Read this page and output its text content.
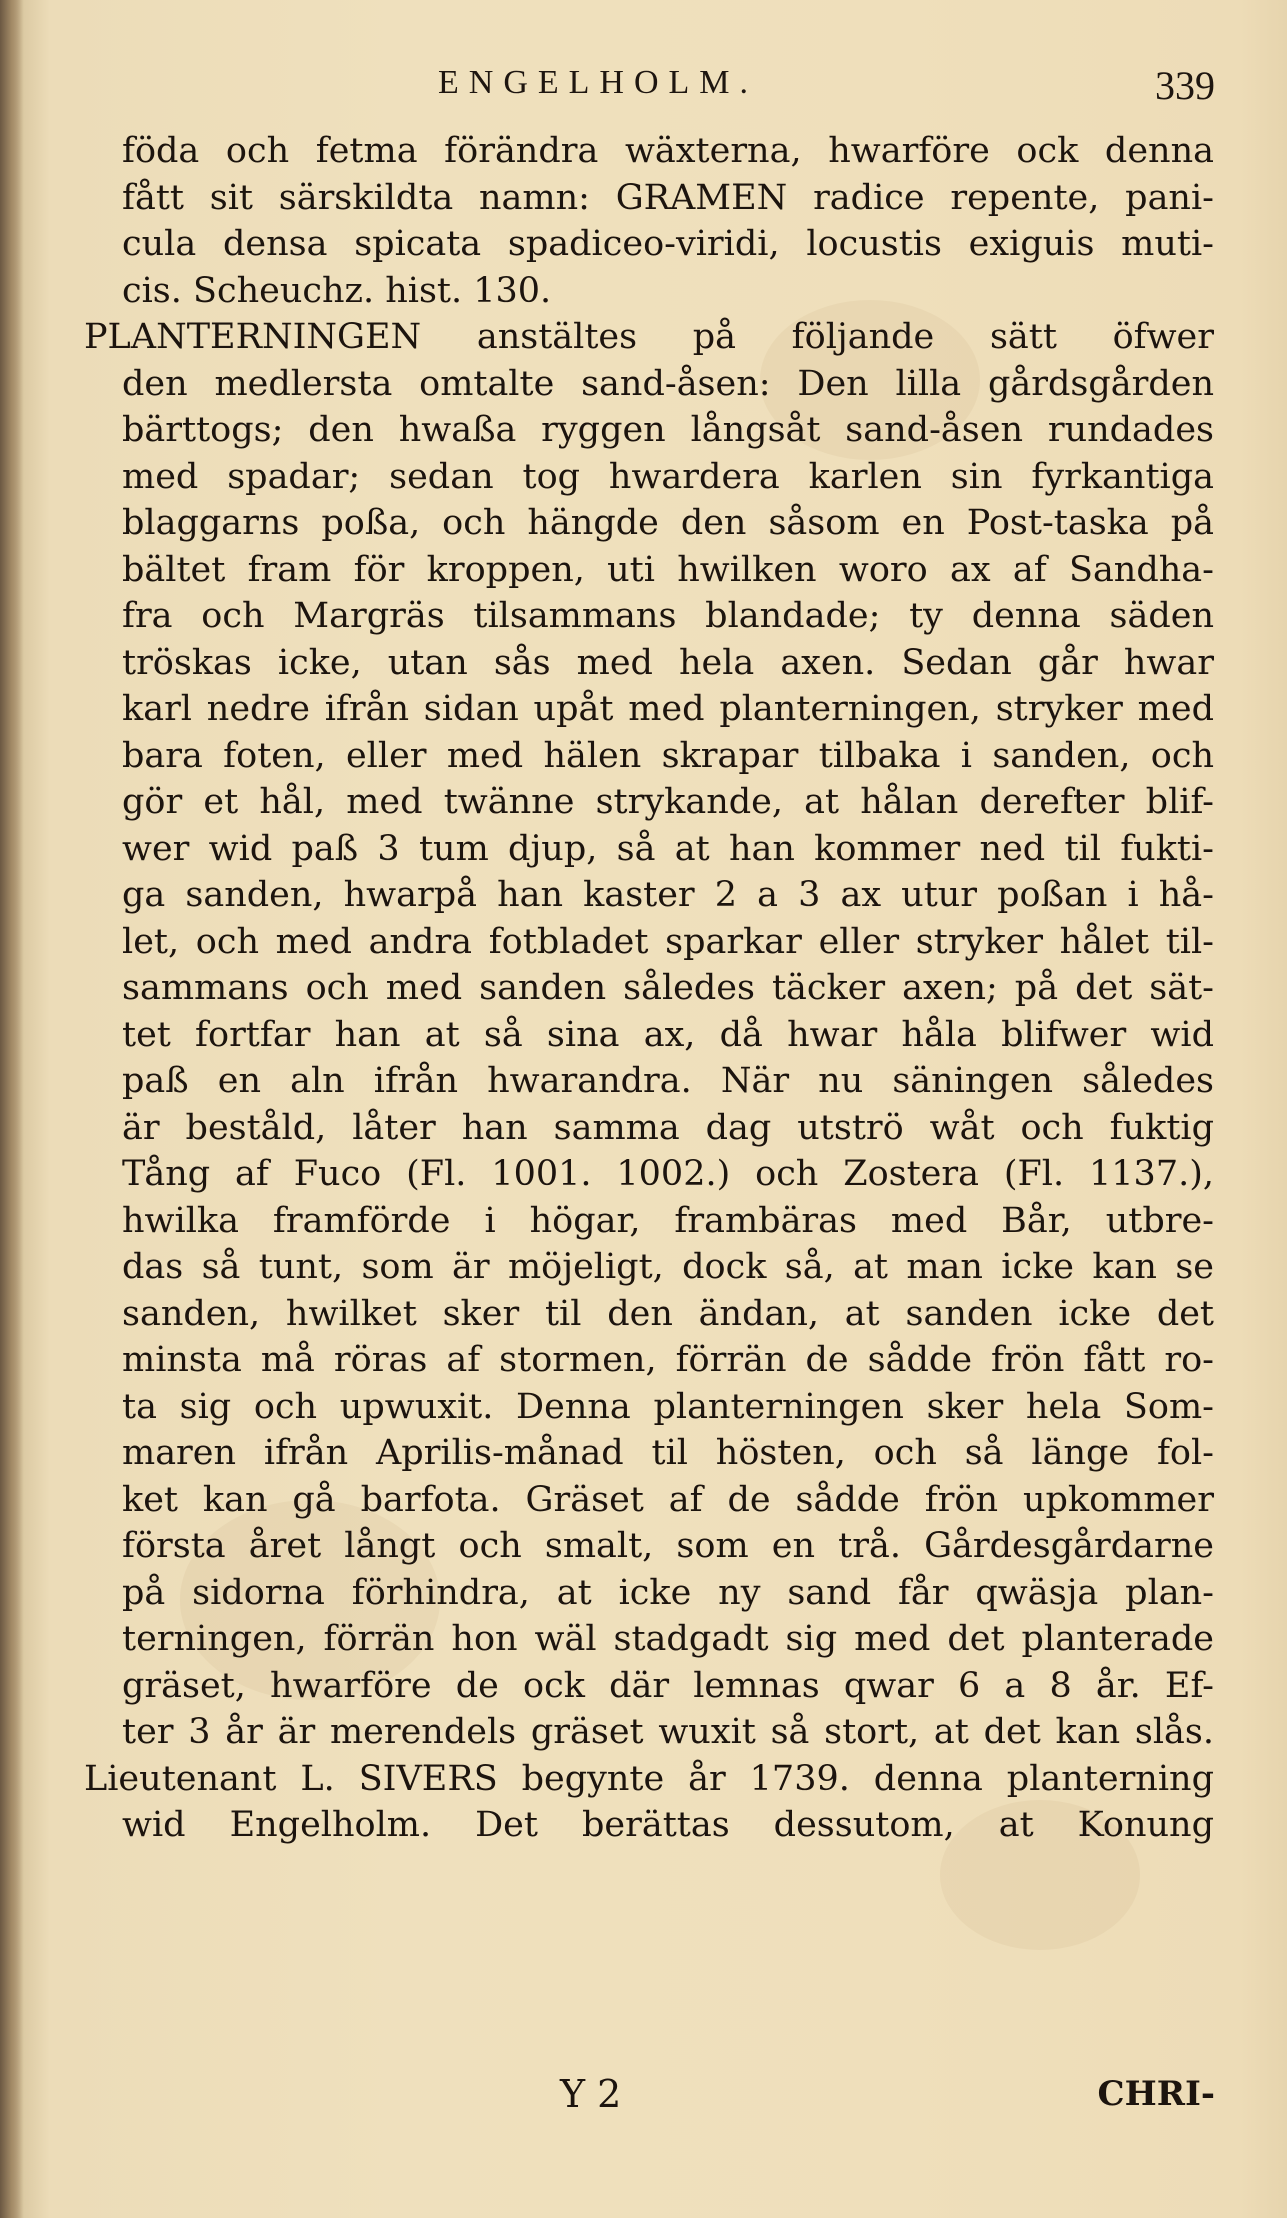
ENGELHOLM.	339
föda och fetma förändra wäxterna, hwarföre ock denna
fått sit särskildta namn: GRAMEN radice repente, pani-
cula densa spicata spadiceo-viridi, locustis exiguis muti-
cis. Scheuchz. hist. 130.
PLANTERNINGEN anstältes på följande sätt öfwer
den medlersta omtalte sand-åsen: Den lilla gårdsgården
bärttogs; den hwaßa ryggen långsåt sand-åsen rundades
med spadar; sedan tog hwardera karlen sin fyrkantiga
blaggarns poßa, och hängde den såsom en Post-taska på
bältet fram för kroppen, uti hwilken woro ax af Sandha-
fra och Margräs tilsammans blandade; ty denna säden
tröskas icke, utan sås med hela axen. Sedan går hwar
karl nedre ifrån sidan upåt med planterningen, stryker med
bara foten, eller med hälen skrapar tilbaka i sanden, och
gör et hål, med twänne strykande, at hålan derefter blif-
wer wid paß 3 tum djup, så at han kommer ned til fukti-
ga sanden, hwarpå han kaster 2 a 3 ax utur poßan i hå-
let, och med andra fotbladet sparkar eller stryker hålet til-
sammans och med sanden således täcker axen; på det sät-
tet fortfar han at så sina ax, då hwar håla blifwer wid
paß en aln ifrån hwarandra. När nu säningen således
är beståld, låter han samma dag utströ wåt och fuktig
Tång af Fuco (Fl. 1001. 1002.) och Zostera (Fl. 1137.),
hwilka framförde i högar, frambäras med Bår, utbre-
das så tunt, som är möjeligt, dock så, at man icke kan se
sanden, hwilket sker til den ändan, at sanden icke det
minsta må röras af stormen, förrän de sådde frön fått ro-
ta sig och upwuxit. Denna planterningen sker hela Som-
maren ifrån Aprilis-månad til hösten, och så länge fol-
ket kan gå barfota. Gräset af de sådde frön upkommer
första året långt och smalt, som en trå. Gårdesgårdarne
på sidorna förhindra, at icke ny sand får qwäsja plan-
terningen, förrän hon wäl stadgadt sig med det planterade
gräset, hwarföre de ock där lemnas qwar 6 a 8 år. Ef-
ter 3 år är merendels gräset wuxit så stort, at det kan slås.
Lieutenant L. SIVERS begynte år 1739. denna planterning
wid Engelholm. Det berättas dessutom, at Konung
Y 2	CHRI-
